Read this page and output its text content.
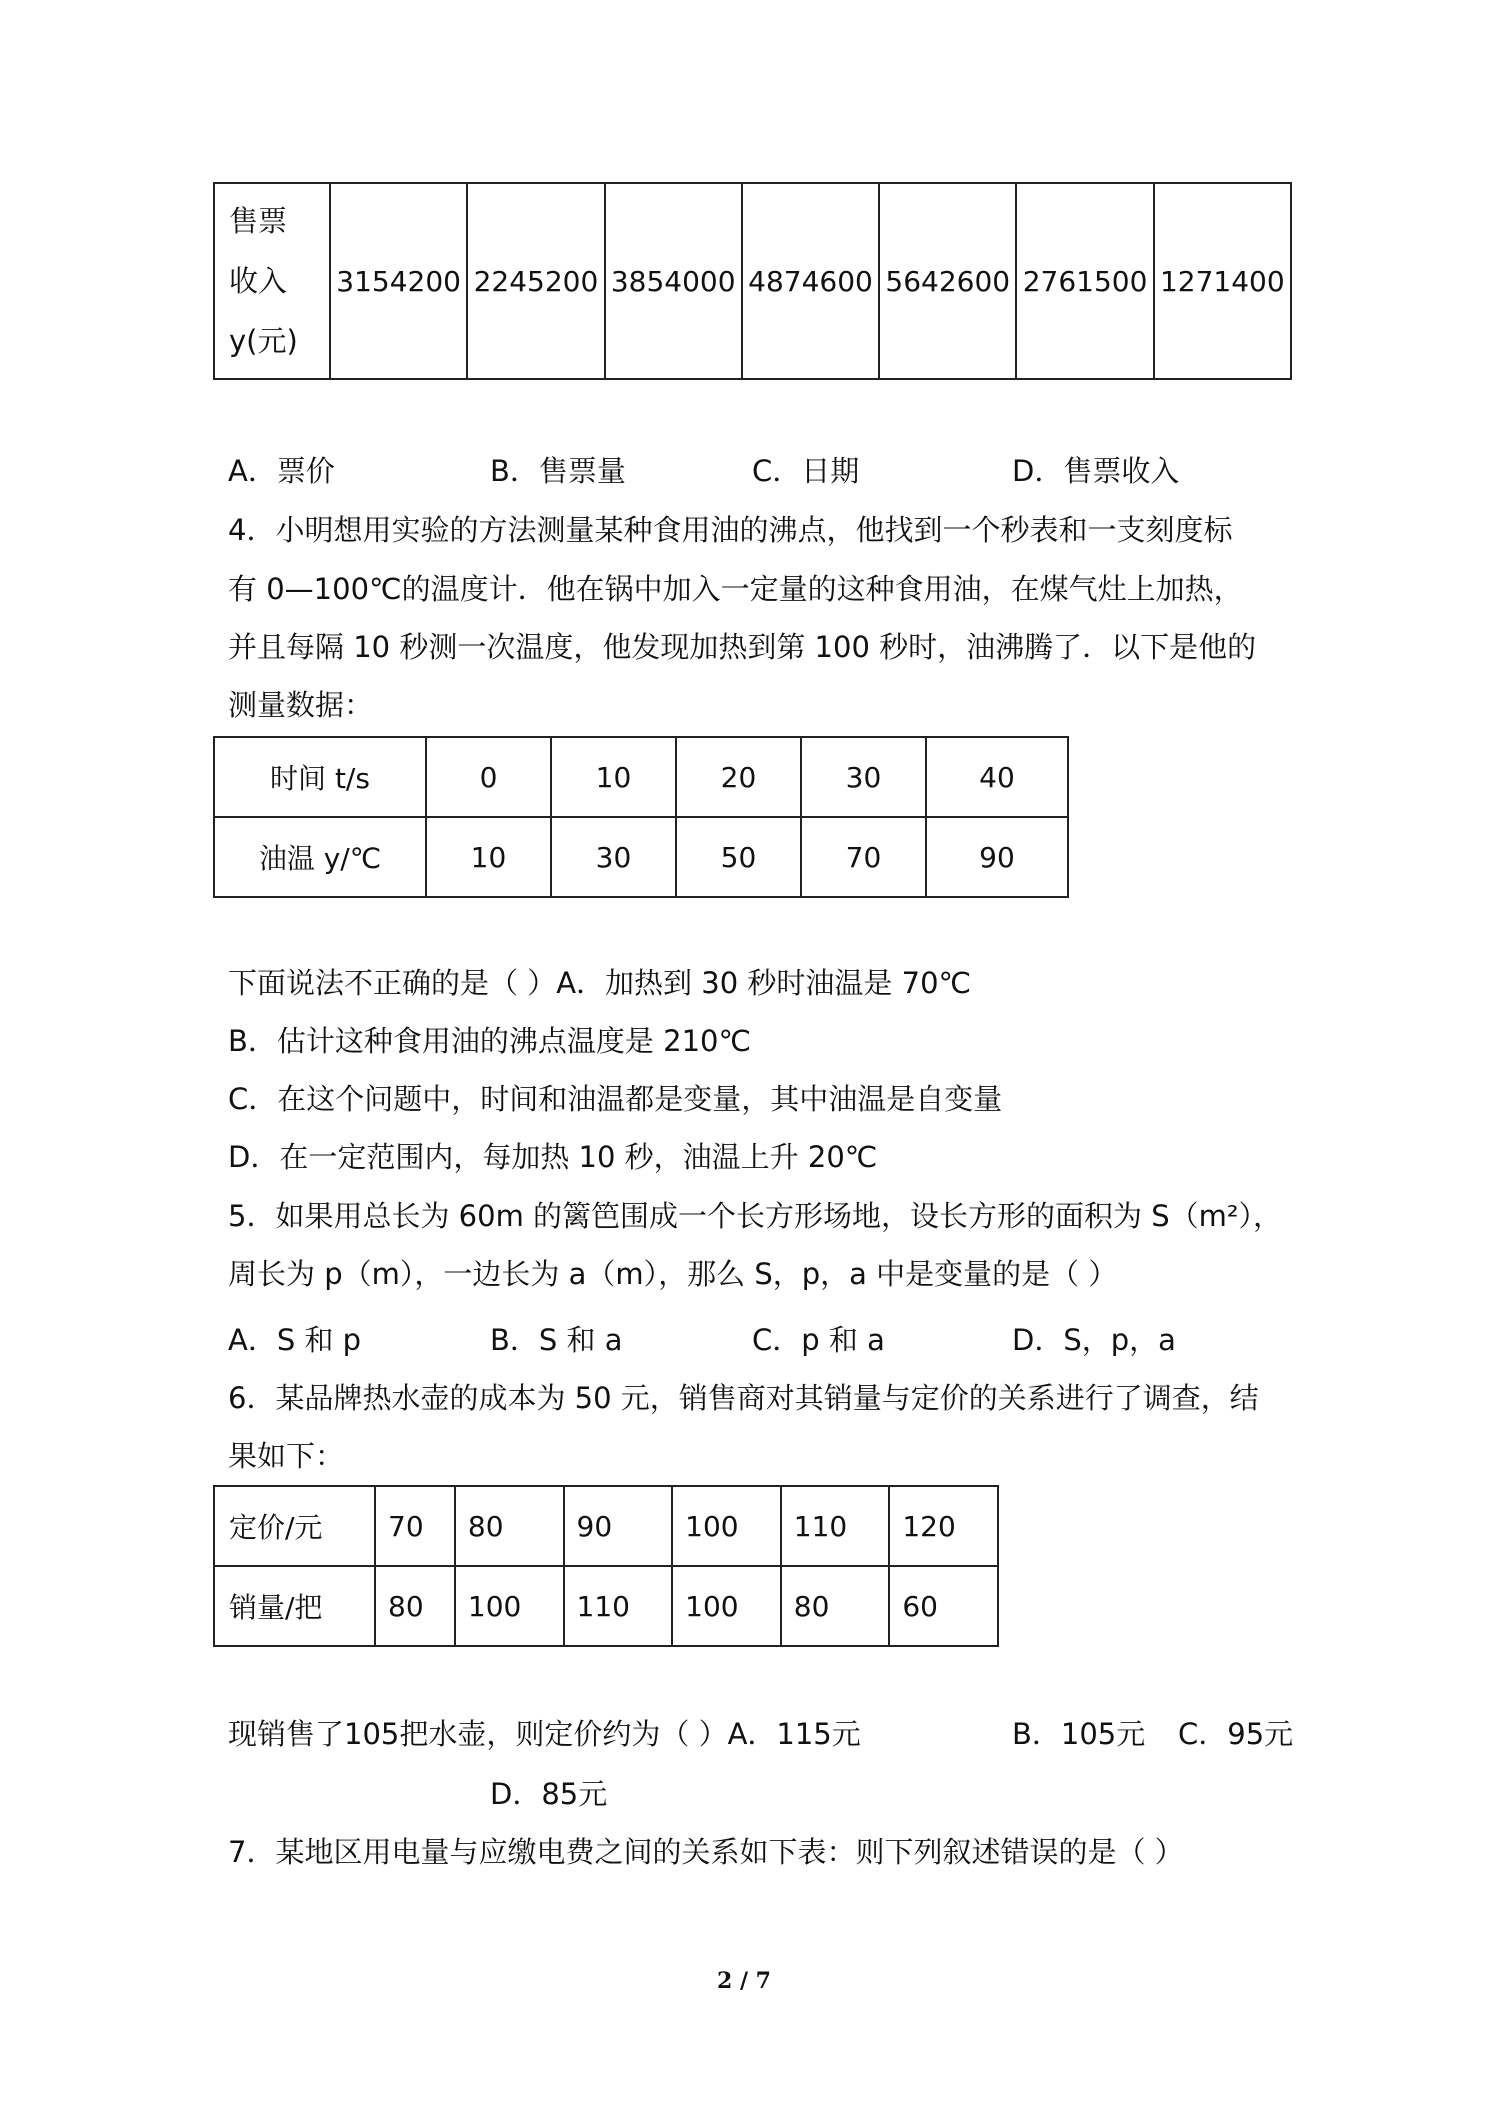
售票
收入
y(元)
	3154200	2245200	3854000	4874600	5642600	2761500	1271400
A．票价	B．售票量	C．日期	D．售票收入
4．小明想用实验的方法测量某种食用油的沸点，他找到一个秒表和一支刻度标
有 0—100℃的温度计．他在锅中加入一定量的这种食用油，在煤气灶上加热，
并且每隔 10 秒测一次温度，他发现加热到第 100 秒时，油沸腾了．以下是他的
测量数据：
时间 t/s	0	10	20	30	40
油温 y/℃	10	30	50	70	90
下面说法不正确的是（ ）A．加热到 30 秒时油温是 70℃
B．估计这种食用油的沸点温度是 210℃
C．在这个问题中，时间和油温都是变量，其中油温是自变量
D．在一定范围内，每加热 10 秒，油温上升 20℃
5．如果用总长为 60m 的篱笆围成一个长方形场地，设长方形的面积为 S（m²），
周长为 p（m），一边长为 a（m），那么 S，p，a 中是变量的是（ ）
A．S 和 p	B．S 和 a	C．p 和 a	D．S，p，a
6．某品牌热水壶的成本为 50 元，销售商对其销量与定价的关系进行了调查，结
果如下：
定价/元	70	80	90	100	110	120
销量/把	80	100	110	100	80	60
现销售了105把水壶，则定价约为（ ）A．115元	B．105元 C．95元
D．85元
7．某地区用电量与应缴电费之间的关系如下表：则下列叙述错误的是（ ）
2 / 7
